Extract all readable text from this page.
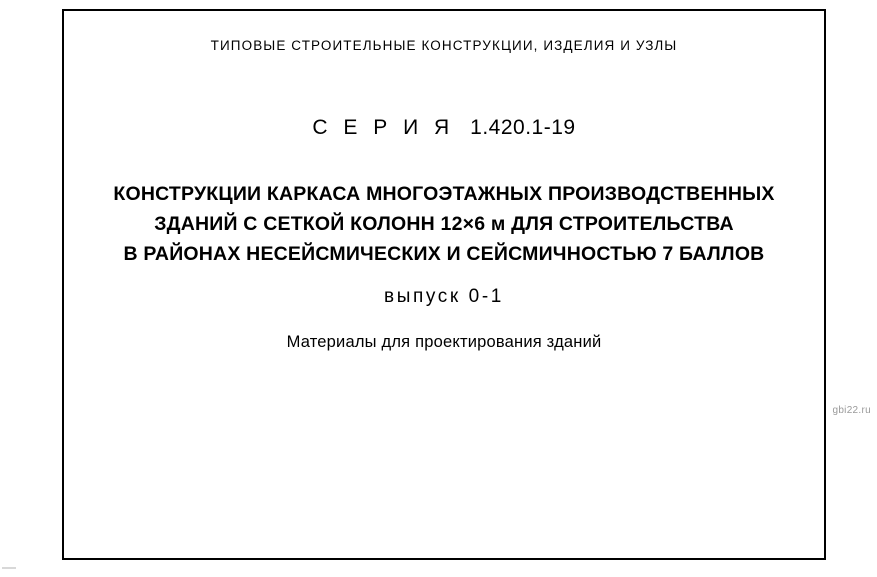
ТИПОВЫЕ СТРОИТЕЛЬНЫЕ КОНСТРУКЦИИ, ИЗДЕЛИЯ И УЗЛЫ
С Е Р И Я 1.420.1-19
КОНСТРУКЦИИ КАРКАСА МНОГОЭТАЖНЫХ ПРОИЗВОДСТВЕННЫХ
ЗДАНИЙ С СЕТКОЙ КОЛОНН 12×6 м ДЛЯ СТРОИТЕЛЬСТВА
В РАЙОНАХ НЕСЕЙСМИЧЕСКИХ И СЕЙСМИЧНОСТЬЮ 7 БАЛЛОВ
выпуск 0-1
Материалы для проектирования зданий
gbi22.ru
